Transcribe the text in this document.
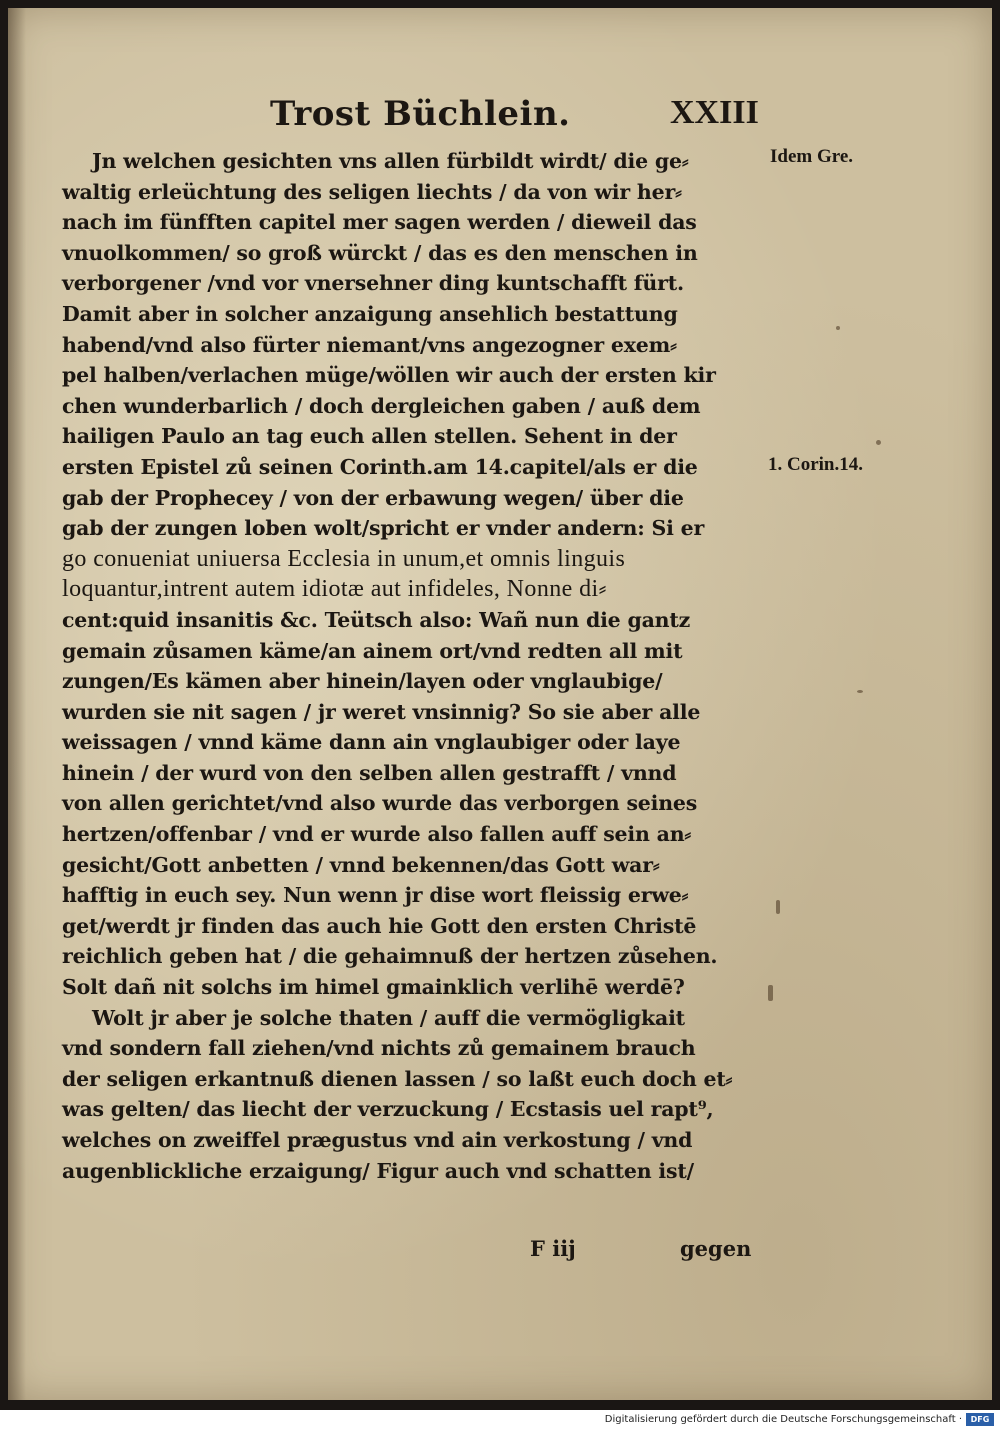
Trost Büchlein.	XXIII
Jn welchen gesichten vns allen fürbildt wirdt/ die ge⸗
waltig erleüchtung des seligen liechts / da von wir her⸗
nach im fünfften capitel mer sagen werden / dieweil das
vnuolkommen/ so groß würckt / das es den menschen in
verborgener /vnd vor vnersehner ding kuntschafft fürt.
Damit aber in solcher anzaigung ansehlich bestattung
habend/vnd also fürter niemant/vns angezogner exem⸗
pel halben/verlachen müge/wöllen wir auch der ersten kir
chen wunderbarlich / doch dergleichen gaben / auß dem
hailigen Paulo an tag euch allen stellen. Sehent in der
ersten Epistel zů seinen Corinth.am 14.capitel/als er die
gab der Prophecey / von der erbawung wegen/ über die
gab der zungen loben wolt/spricht er vnder andern: Si er
go conueniat uniuersa Ecclesia in unum,et omnis linguis
loquantur,intrent autem idiotæ aut infideles, Nonne di⸗
cent:quid insanitis &c. Teütsch also: Wañ nun die gantz
gemain zůsamen käme/an ainem ort/vnd redten all mit
zungen/Es kämen aber hinein/layen oder vnglaubige/
wurden sie nit sagen / jr weret vnsinnig? So sie aber alle
weissagen / vnnd käme dann ain vnglaubiger oder laye
hinein / der wurd von den selben allen gestrafft / vnnd
von allen gerichtet/vnd also wurde das verborgen seines
hertzen/offenbar / vnd er wurde also fallen auff sein an⸗
gesicht/Gott anbetten / vnnd bekennen/das Gott war⸗
hafftig in euch sey. Nun wenn jr dise wort fleissig erwe⸗
get/werdt jr finden das auch hie Gott den ersten Christē
reichlich geben hat / die gehaimnuß der hertzen zůsehen.
Solt dañ nit solchs im himel gmainklich verlihē werdē?
Wolt jr aber je solche thaten / auff die vermögligkait
vnd sondern fall ziehen/vnd nichts zů gemainem brauch
der seligen erkantnuß dienen lassen / so laßt euch doch et⸗
was gelten/ das liecht der verzuckung / Ecstasis uel rapt⁹,
welches on zweiffel prægustus vnd ain verkostung / vnd
augenblickliche erzaigung/ Figur auch vnd schatten ist/
F iij	gegen
Idem Gre.
1. Corin.14.
Digitalisierung gefördert durch die Deutsche Forschungsgemeinschaft ·	DFG
